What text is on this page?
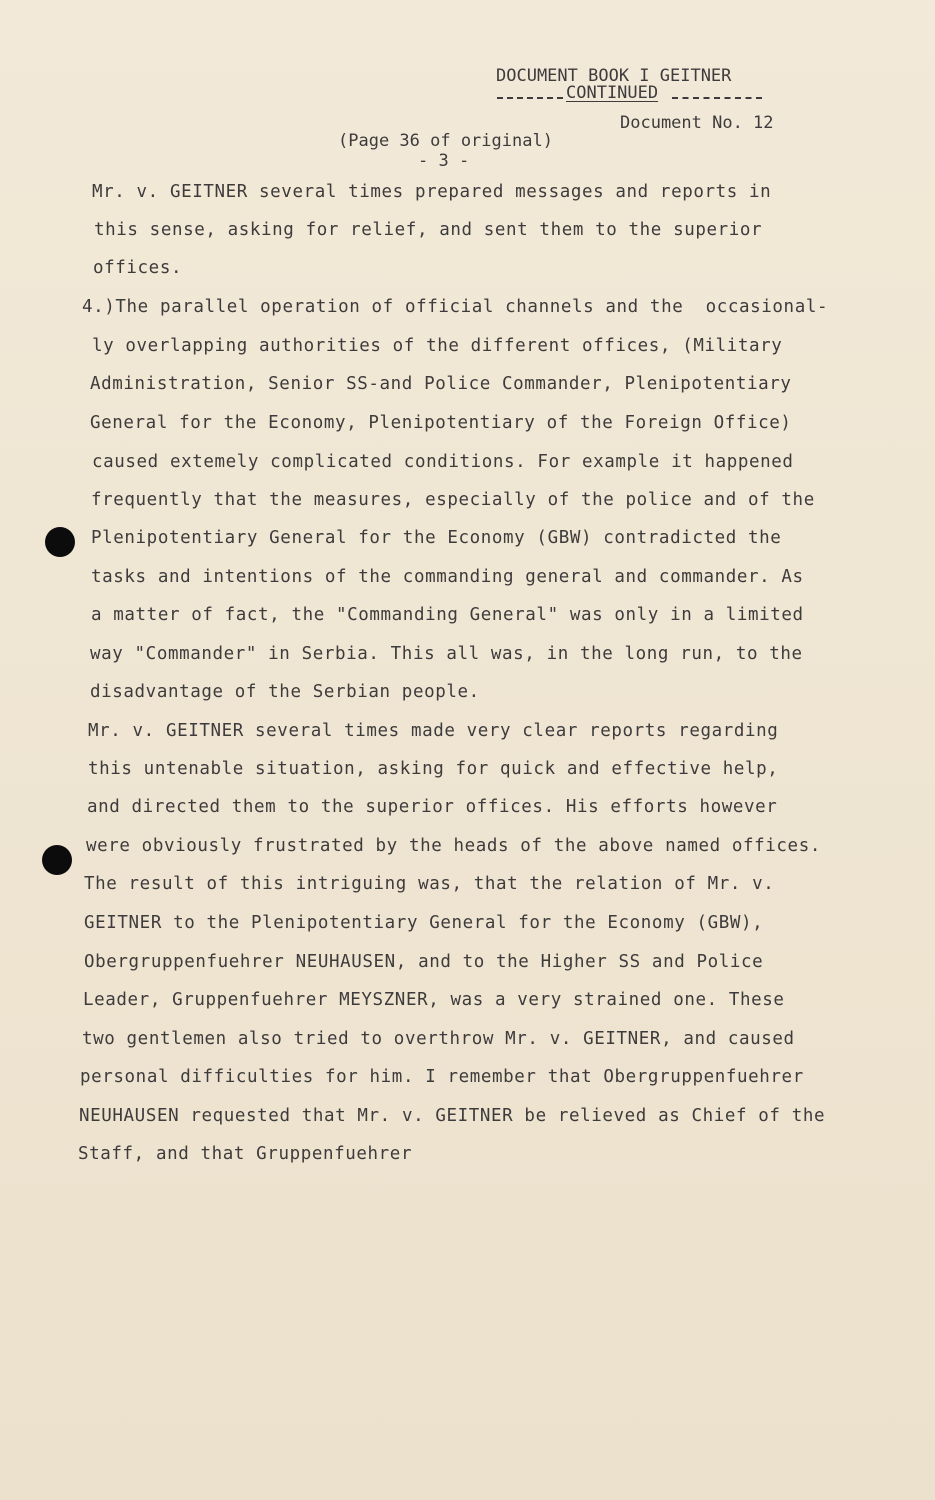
DOCUMENT BOOK I GEITNER
CONTINUED
Document No. 12
(Page 36 of original)
- 3 -
Mr. v. GEITNER several times prepared messages and reports in
this sense, asking for relief, and sent them to the superior
offices.
4.)The parallel operation of official channels and the  occasional-
ly overlapping authorities of the different offices, (Military
Administration, Senior SS-and Police Commander, Plenipotentiary
General for the Economy, Plenipotentiary of the Foreign Office)
caused extemely complicated conditions. For example it happened
frequently that the measures, especially of the police and of the
Plenipotentiary General for the Economy (GBW) contradicted the
tasks and intentions of the commanding general and commander. As
a matter of fact, the "Commanding General" was only in a limited
way "Commander" in Serbia. This all was, in the long run, to the
disadvantage of the Serbian people.
Mr. v. GEITNER several times made very clear reports regarding
this untenable situation, asking for quick and effective help,
and directed them to the superior offices. His efforts however
were obviously frustrated by the heads of the above named offices.
The result of this intriguing was, that the relation of Mr. v.
GEITNER to the Plenipotentiary General for the Economy (GBW),
Obergruppenfuehrer NEUHAUSEN, and to the Higher SS and Police
Leader, Gruppenfuehrer MEYSZNER, was a very strained one. These
two gentlemen also tried to overthrow Mr. v. GEITNER, and caused
personal difficulties for him. I remember that Obergruppenfuehrer
NEUHAUSEN requested that Mr. v. GEITNER be relieved as Chief of the
Staff, and that Gruppenfuehrer
